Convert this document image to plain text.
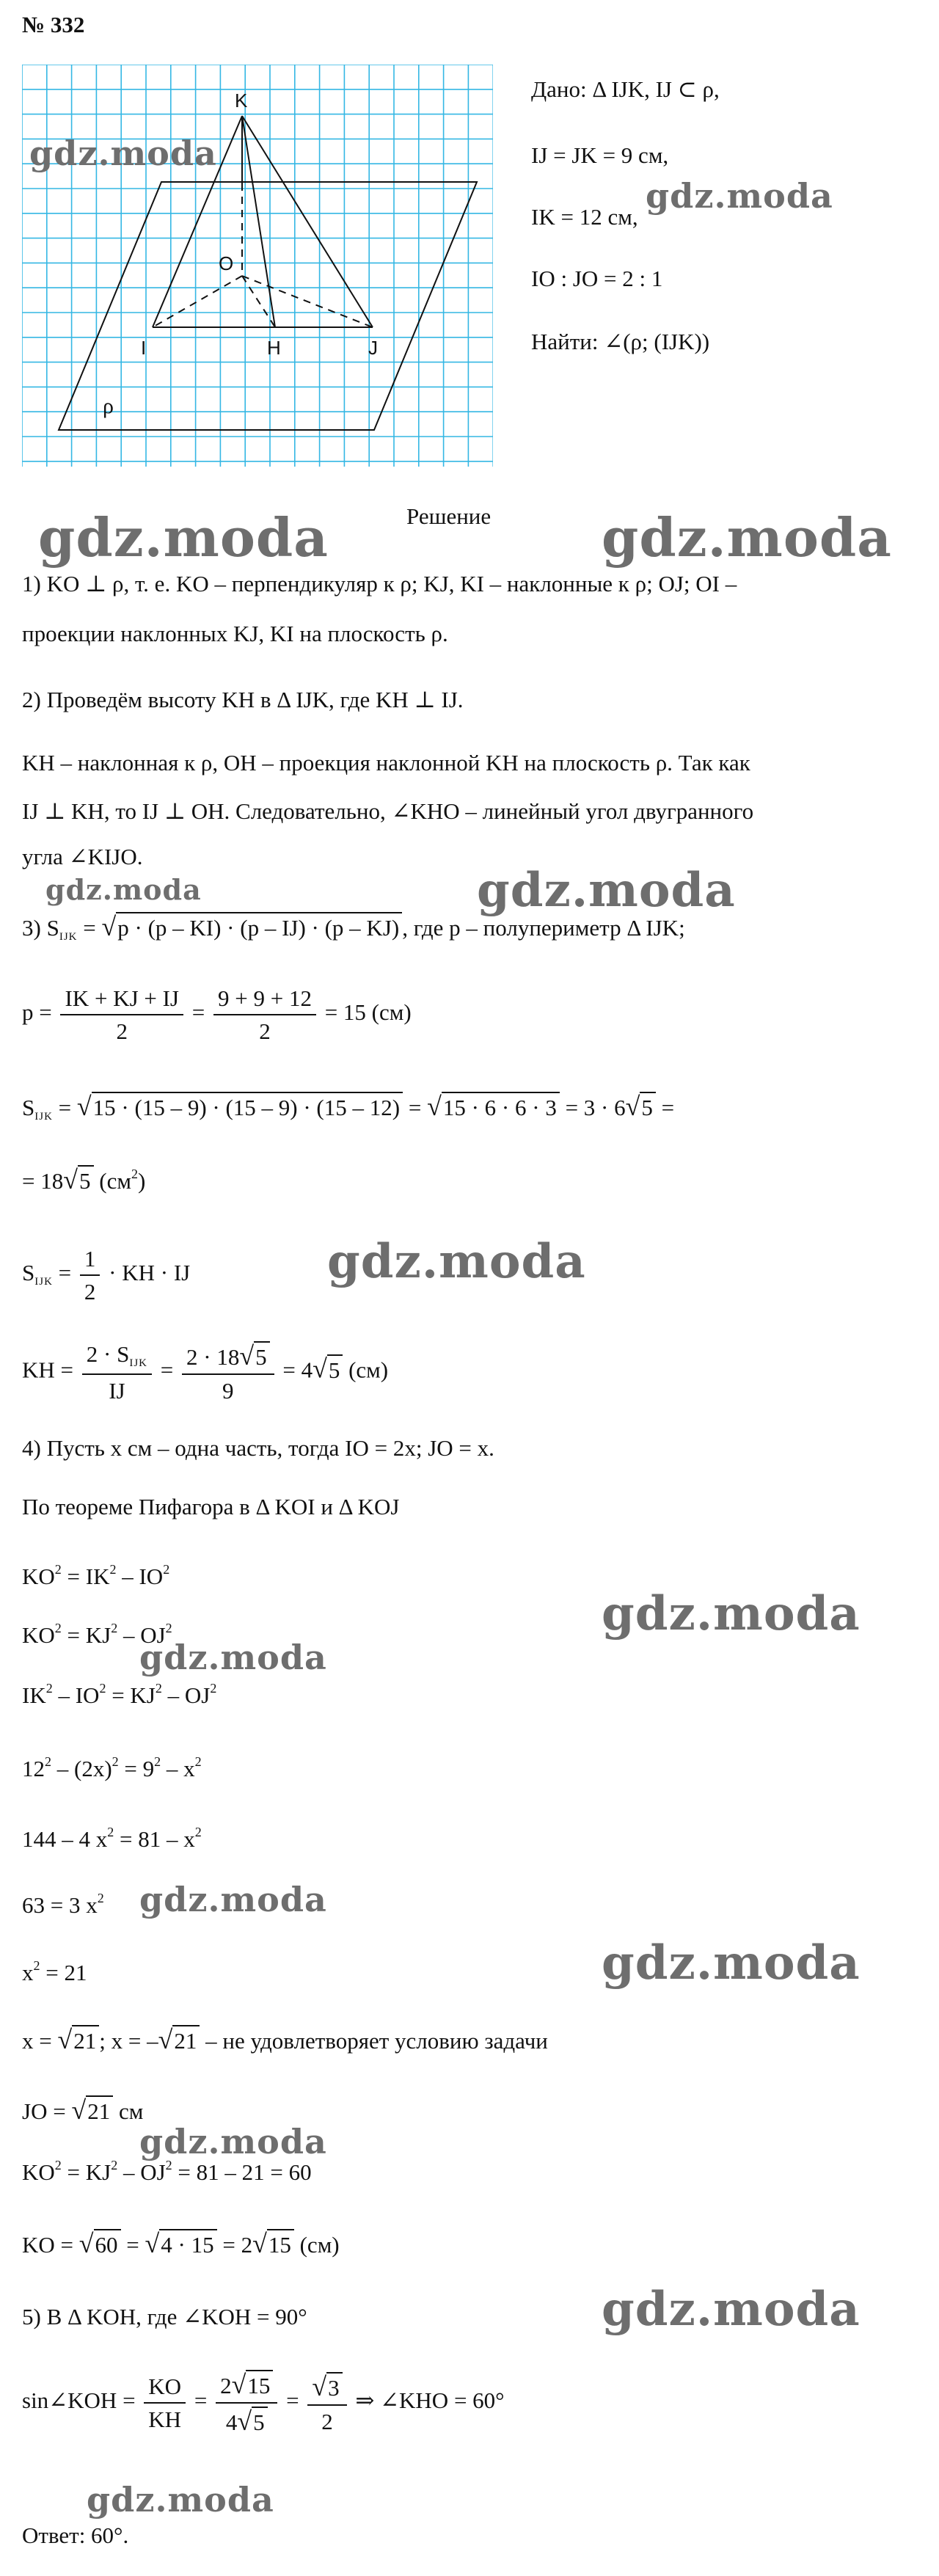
№ 332
K
O
I	H	J
ρ
Дано: Δ IJK, IJ ⊂ ρ,
IJ = JK = 9 см,
IK = 12 см,
IO : JO = 2 : 1
Найти: ∠(ρ; (IJK))
Решение
1) KO ⊥ ρ, т. е. KO – перпендикуляр к ρ; KJ, KI – наклонные к ρ; OJ; OI –
проекции наклонных KJ, KI на плоскость ρ.
2) Проведём высоту KH в Δ IJK, где KH ⊥ IJ.
KH – наклонная к ρ, OH – проекция наклонной KH на плоскость ρ. Так как
IJ ⊥ KH, то IJ ⊥ OH. Следовательно, ∠KHO – линейный угол двугранного
угла ∠KIJO.
3) $S_{IJK} = √p \cdot (p - KI) \cdot (p - IJ) \cdot (p - KJ)$ , где p – полупериметр Δ IJK;
$p = \frac{IK + KJ + IJ}{2} = \frac{9 + 9 + 12}{2} = 15$ (см)
$S_{IJK} = √15 \cdot (15 - 9) \cdot (15 - 9) \cdot (15 - 12) = √15 \cdot 6 \cdot 6 \cdot 3 = 3 \cdot 6√5$ =
= 18√5 $(см^2)$
$S_{IJK} = \frac{1}{2}$ · KH · IJ
KH = $\frac{2 \cdot S_{IJK}}{IJ} = \frac{2 \cdot 18√5}{9} = 4√5$ (см)
4) Пусть x см – одна часть, тогда IO = 2x; JO = x.
По теореме Пифагора в Δ KOI и Δ KOJ
$KO^2 = IK^2 - IO^2$
$KO^2 = KJ^2 - OJ^2$
$IK^2 - IO^2 = KJ^2 - OJ^2$
$12^2 - (2x)^2 = 9^2 - x^2$
144 – 4 $x^2 = 81 - x^2$
63 = 3 $x^2$
$x^2 = 21$
x = √21 ; x = –√21 – не удовлетворяет условию задачи
JO = √21 см
$KO^2 = KJ^2 - OJ^2 = 81 - 21 = 60$
KO = √60 = √4 · 15 = 2√15 (см)
5) В Δ KOH, где ∠KOH = 90°
sin∠KOH = $\frac{KO}{KH} = \frac{2√15}{4√5} = \frac{√3}{2}$ ⇒ ∠KHO = 60°
Ответ: 60°.
gdz.moda
gdz.moda
gdz.moda	gdz.moda
gdz.moda	gdz.moda
gdz.moda
gdz.moda
gdz.moda
gdz.moda
gdz.moda
gdz.moda
gdz.moda
gdz.moda
